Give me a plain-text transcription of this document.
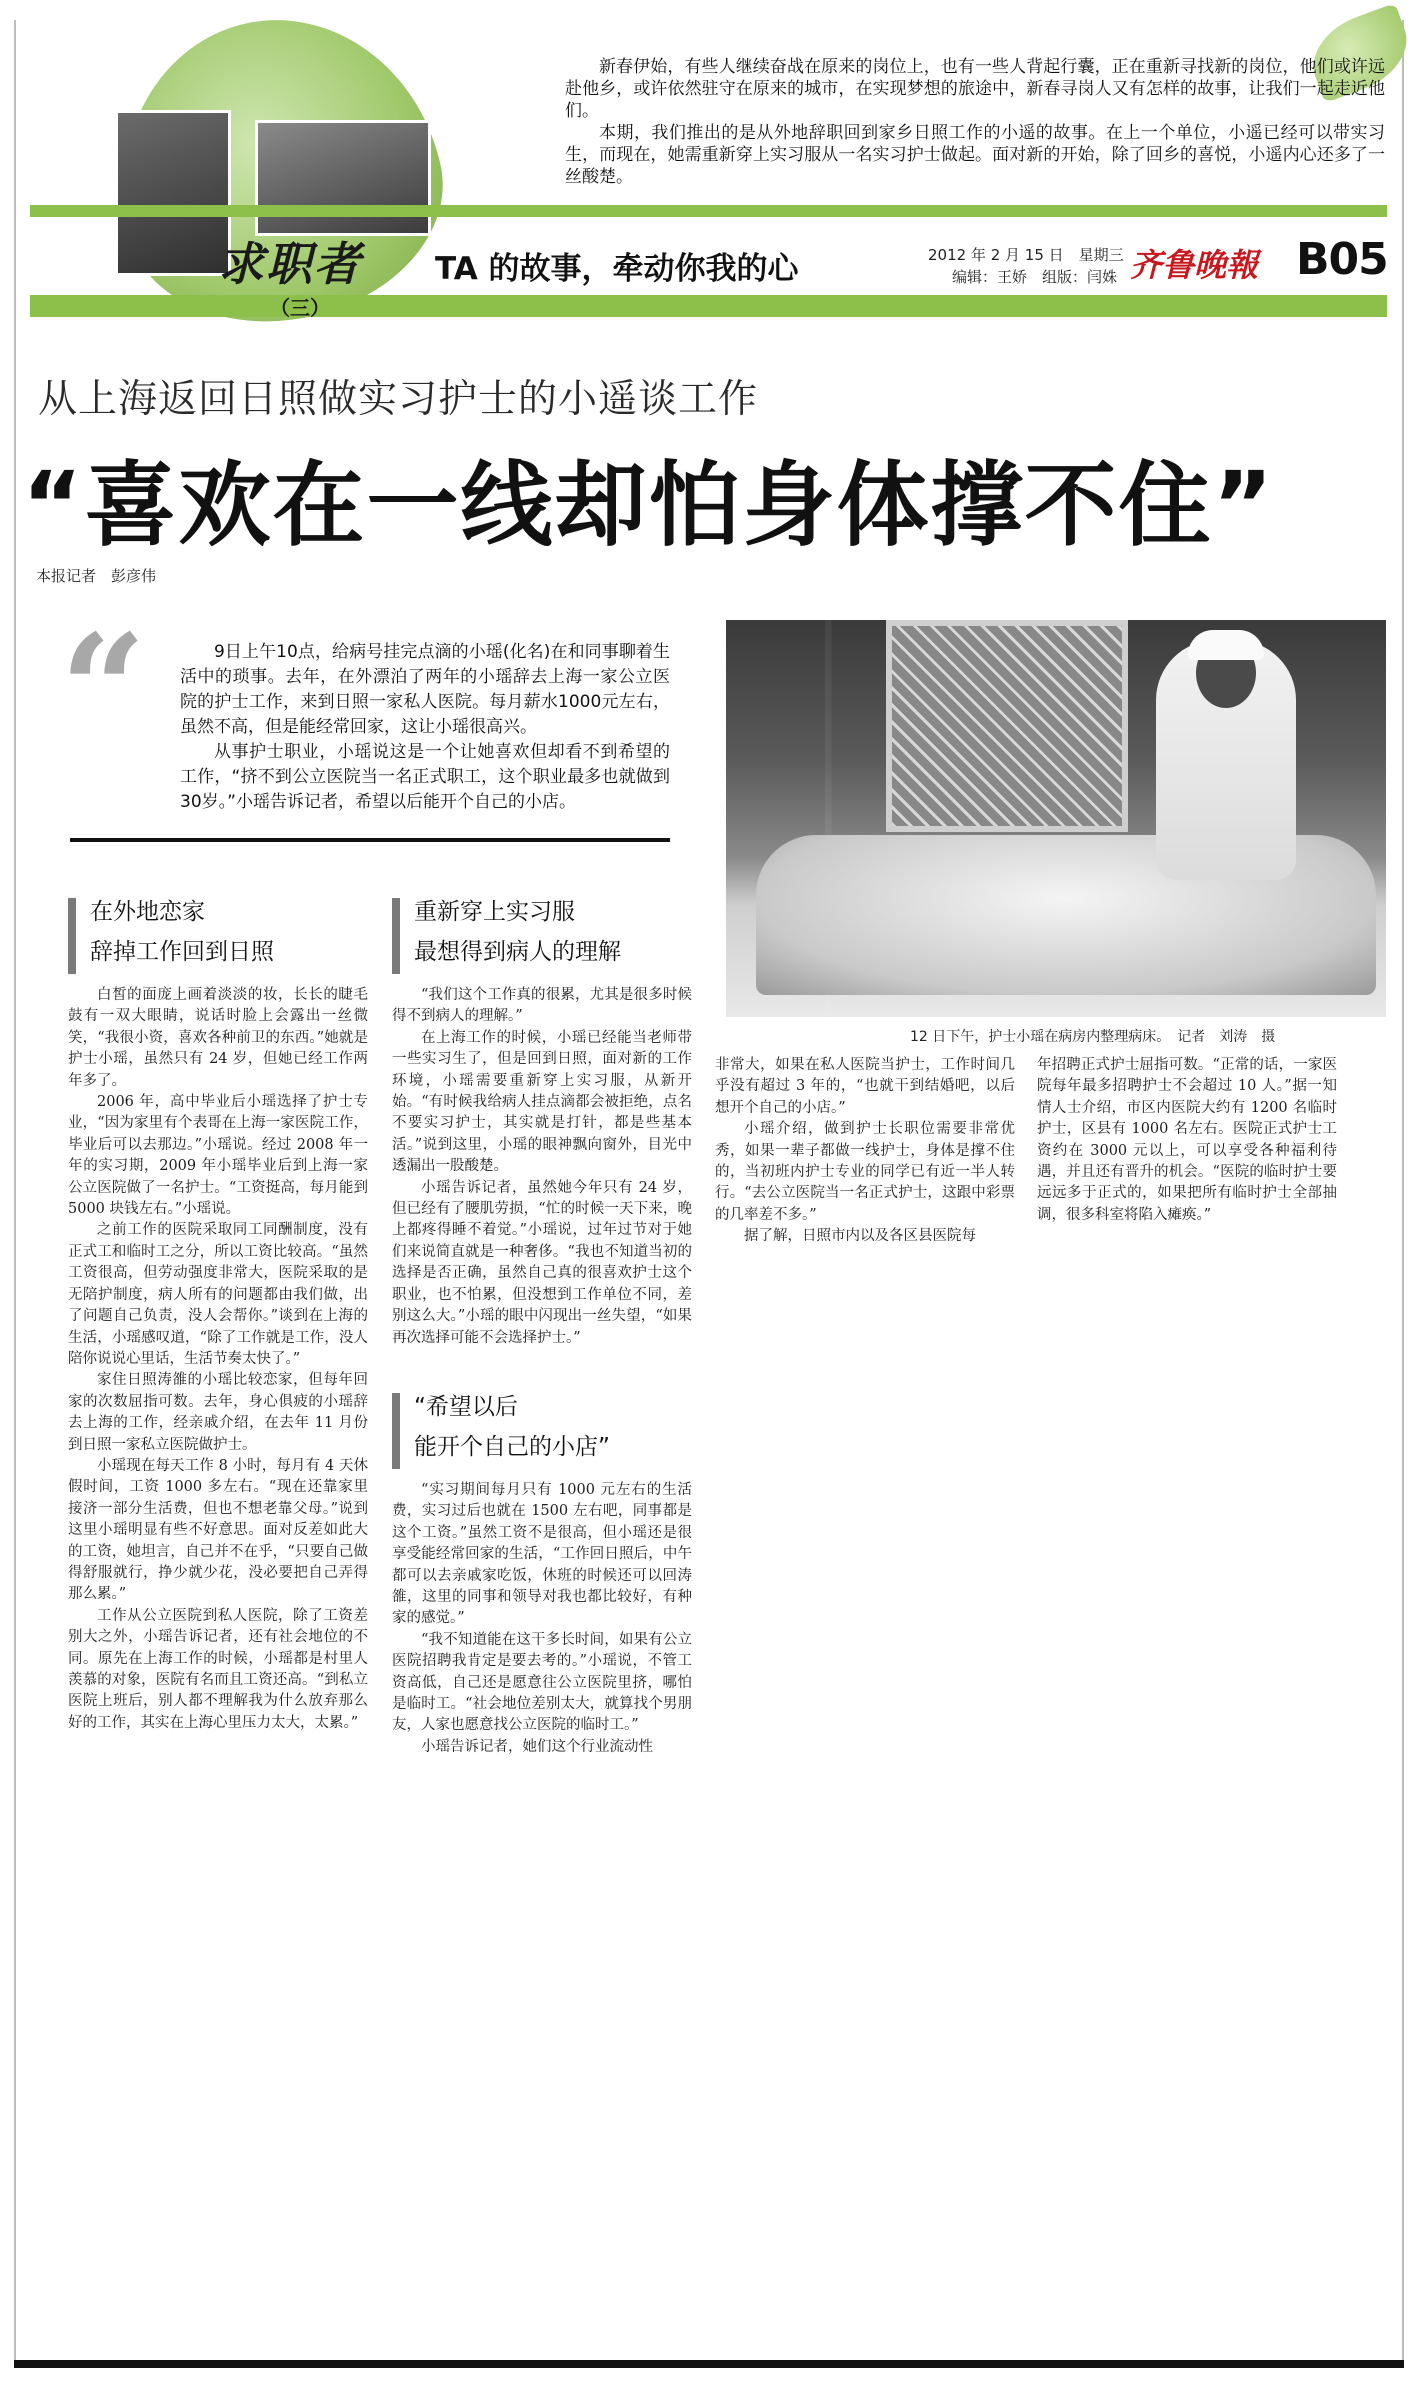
新春伊始，有些人继续奋战在原来的岗位上，也有一些人背起行囊，正在重新寻找新的岗位，他们或许远赴他乡，或许依然驻守在原来的城市，在实现梦想的旅途中，新春寻岗人又有怎样的故事，让我们一起走近他们。

本期，我们推出的是从外地辞职回到家乡日照工作的小遥的故事。在上一个单位，小遥已经可以带实习生，而现在，她需重新穿上实习服从一名实习护士做起。面对新的开始，除了回乡的喜悦，小遥内心还多了一丝酸楚。

求职者
（三）
TA 的故事，牵动你我的心	2012 年 2 月 15 日　星期三
编辑：王娇　组版：闫姝 齐鲁晚報 B05
从上海返回日照做实习护士的小遥谈工作
“喜欢在一线却怕身体撑不住”
本报记者　彭彦伟
“	9日上午10点，给病号挂完点滴的小瑶(化名)在和同事聊着生活中的琐事。去年，在外漂泊了两年的小瑶辞去上海一家公立医院的护士工作，来到日照一家私人医院。每月薪水1000元左右，虽然不高，但是能经常回家，这让小瑶很高兴。

从事护士职业，小瑶说这是一个让她喜欢但却看不到希望的工作，“挤不到公立医院当一名正式职工，这个职业最多也就做到30岁。”小瑶告诉记者，希望以后能开个自己的小店。

12 日下午，护士小瑶在病房内整理病床。　记者　刘涛　摄
在外地恋家
辞掉工作回到日照

白皙的面庞上画着淡淡的妆，长长的睫毛鼓有一双大眼睛，说话时脸上会露出一丝微笑，“我很小资，喜欢各种前卫的东西。”她就是护士小瑶，虽然只有 24 岁，但她已经工作两年多了。

2006 年，高中毕业后小瑶选择了护士专业，“因为家里有个表哥在上海一家医院工作，毕业后可以去那边。”小瑶说。经过 2008 年一年的实习期，2009 年小瑶毕业后到上海一家公立医院做了一名护士。“工资挺高，每月能到 5000 块钱左右。”小瑶说。

之前工作的医院采取同工同酬制度，没有正式工和临时工之分，所以工资比较高。“虽然工资很高，但劳动强度非常大，医院采取的是无陪护制度，病人所有的问题都由我们做，出了问题自己负责，没人会帮你。”谈到在上海的生活，小瑶感叹道，“除了工作就是工作，没人陪你说说心里话，生活节奏太快了。”

家住日照涛雒的小瑶比较恋家，但每年回家的次数屈指可数。去年，身心俱疲的小瑶辞去上海的工作，经亲戚介绍，在去年 11 月份到日照一家私立医院做护士。

小瑶现在每天工作 8 小时，每月有 4 天休假时间，工资 1000 多左右。“现在还靠家里接济一部分生活费，但也不想老靠父母。”说到这里小瑶明显有些不好意思。面对反差如此大的工资，她坦言，自己并不在乎，“只要自己做得舒服就行，挣少就少花，没必要把自己弄得那么累。”

工作从公立医院到私人医院，除了工资差别大之外，小瑶告诉记者，还有社会地位的不同。原先在上海工作的时候，小瑶都是村里人羡慕的对象，医院有名而且工资还高。“到私立医院上班后，别人都不理解我为什么放弃那么好的工作，其实在上海心里压力太大，太累。”

重新穿上实习服
最想得到病人的理解

“我们这个工作真的很累，尤其是很多时候得不到病人的理解。”

在上海工作的时候，小瑶已经能当老师带一些实习生了，但是回到日照，面对新的工作环境，小瑶需要重新穿上实习服，从新开始。“有时候我给病人挂点滴都会被拒绝，点名不要实习护士，其实就是打针，都是些基本活。”说到这里，小瑶的眼神飘向窗外，目光中透漏出一股酸楚。

小瑶告诉记者，虽然她今年只有 24 岁，但已经有了腰肌劳损，“忙的时候一天下来，晚上都疼得睡不着觉。”小瑶说，过年过节对于她们来说简直就是一种奢侈。“我也不知道当初的选择是否正确，虽然自己真的很喜欢护士这个职业，也不怕累，但没想到工作单位不同，差别这么大。”小瑶的眼中闪现出一丝失望，“如果再次选择可能不会选择护士。”

“希望以后
能开个自己的小店”

“实习期间每月只有 1000 元左右的生活费，实习过后也就在 1500 左右吧，同事都是这个工资。”虽然工资不是很高，但小瑶还是很享受能经常回家的生活，“工作回日照后，中午都可以去亲戚家吃饭，休班的时候还可以回涛雒，这里的同事和领导对我也都比较好，有种家的感觉。”

“我不知道能在这干多长时间，如果有公立医院招聘我肯定是要去考的。”小瑶说，不管工资高低，自己还是愿意往公立医院里挤，哪怕是临时工。“社会地位差别太大，就算找个男朋友，人家也愿意找公立医院的临时工。”

小瑶告诉记者，她们这个行业流动性

非常大，如果在私人医院当护士，工作时间几乎没有超过 3 年的，“也就干到结婚吧，以后想开个自己的小店。”

小瑶介绍，做到护士长职位需要非常优秀，如果一辈子都做一线护士，身体是撑不住的，当初班内护士专业的同学已有近一半人转行。“去公立医院当一名正式护士，这跟中彩票的几率差不多。”

据了解，日照市内以及各区县医院每

年招聘正式护士屈指可数。“正常的话，一家医院每年最多招聘护士不会超过 10 人。”据一知情人士介绍，市区内医院大约有 1200 名临时护士，区县有 1000 名左右。医院正式护士工资约在 3000 元以上，可以享受各种福利待遇，并且还有晋升的机会。“医院的临时护士要远远多于正式的，如果把所有临时护士全部抽调，很多科室将陷入瘫痪。”
